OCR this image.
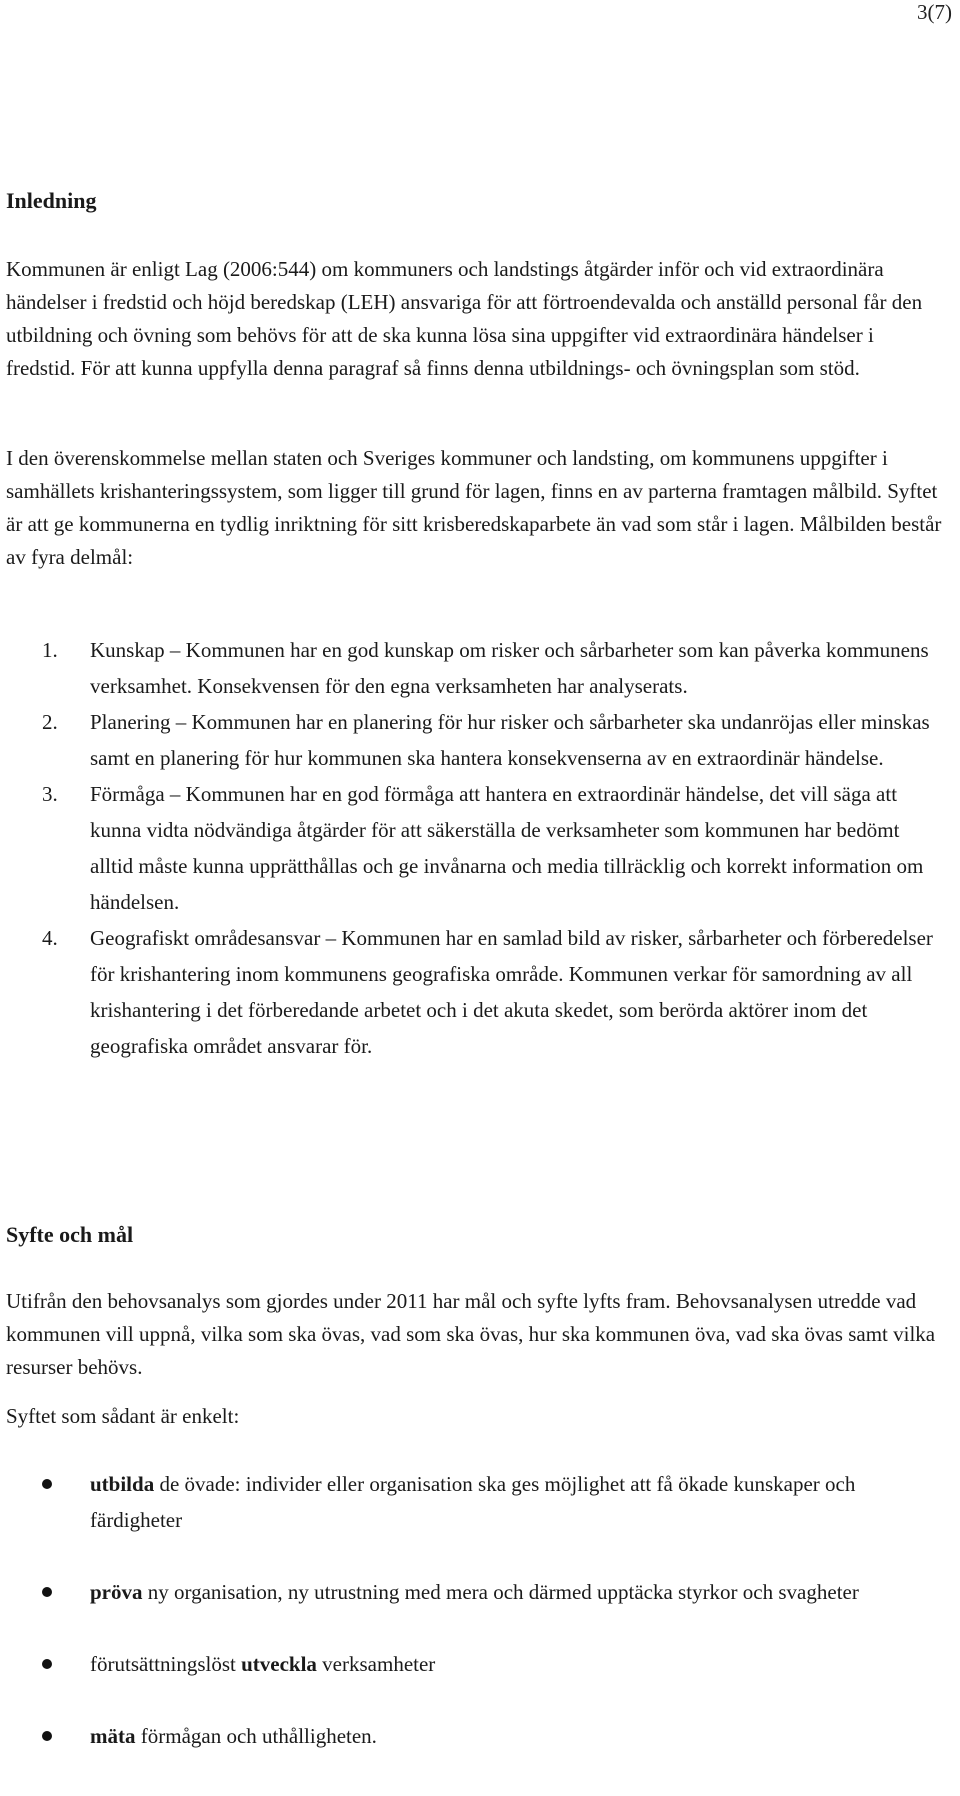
3(7)
Inledning

Kommunen är enligt Lag (2006:544) om kommuners och landstings åtgärder inför och vid extraordinära händelser i fredstid och höjd beredskap (LEH) ansvariga för att förtroendevalda och anställd personal får den utbildning och övning som behövs för att de ska kunna lösa sina uppgifter vid extraordinära händelser i fredstid. För att kunna uppfylla denna paragraf så finns denna utbildnings- och övningsplan som stöd.

I den överenskommelse mellan staten och Sveriges kommuner och landsting, om kommunens uppgifter i samhällets krishanteringssystem, som ligger till grund för lagen, finns en av parterna framtagen målbild. Syftet är att ge kommunerna en tydlig inriktning för sitt krisberedskaparbete än vad som står i lagen. Målbilden består av fyra delmål:

1. Kunskap – Kommunen har en god kunskap om risker och sårbarheter som kan påverka kommunens verksamhet. Konsekvensen för den egna verksamheten har analyserats.
2. Planering – Kommunen har en planering för hur risker och sårbarheter ska undanröjas eller minskas samt en planering för hur kommunen ska hantera konsekvenserna av en extraordinär händelse.
3. Förmåga – Kommunen har en god förmåga att hantera en extraordinär händelse, det vill säga att kunna vidta nödvändiga åtgärder för att säkerställa de verksamheter som kommunen har bedömt alltid måste kunna upprätthållas och ge invånarna och media tillräcklig och korrekt information om händelsen.
4. Geografiskt områdesansvar – Kommunen har en samlad bild av risker, sårbarheter och förberedelser för krishantering inom kommunens geografiska område. Kommunen verkar för samordning av all krishantering i det förberedande arbetet och i det akuta skedet, som berörda aktörer inom det geografiska området ansvarar för.
Syfte och mål

Utifrån den behovsanalys som gjordes under 2011 har mål och syfte lyfts fram. Behovsanalysen utredde vad kommunen vill uppnå, vilka som ska övas, vad som ska övas, hur ska kommunen öva, vad ska övas samt vilka resurser behövs.

Syftet som sådant är enkelt:

utbilda de övade: individer eller organisation ska ges möjlighet att få ökade kunskaper och färdigheter
pröva ny organisation, ny utrustning med mera och därmed upptäcka styrkor och svagheter
förutsättningslöst utveckla verksamheter
mäta förmågan och uthålligheten.
